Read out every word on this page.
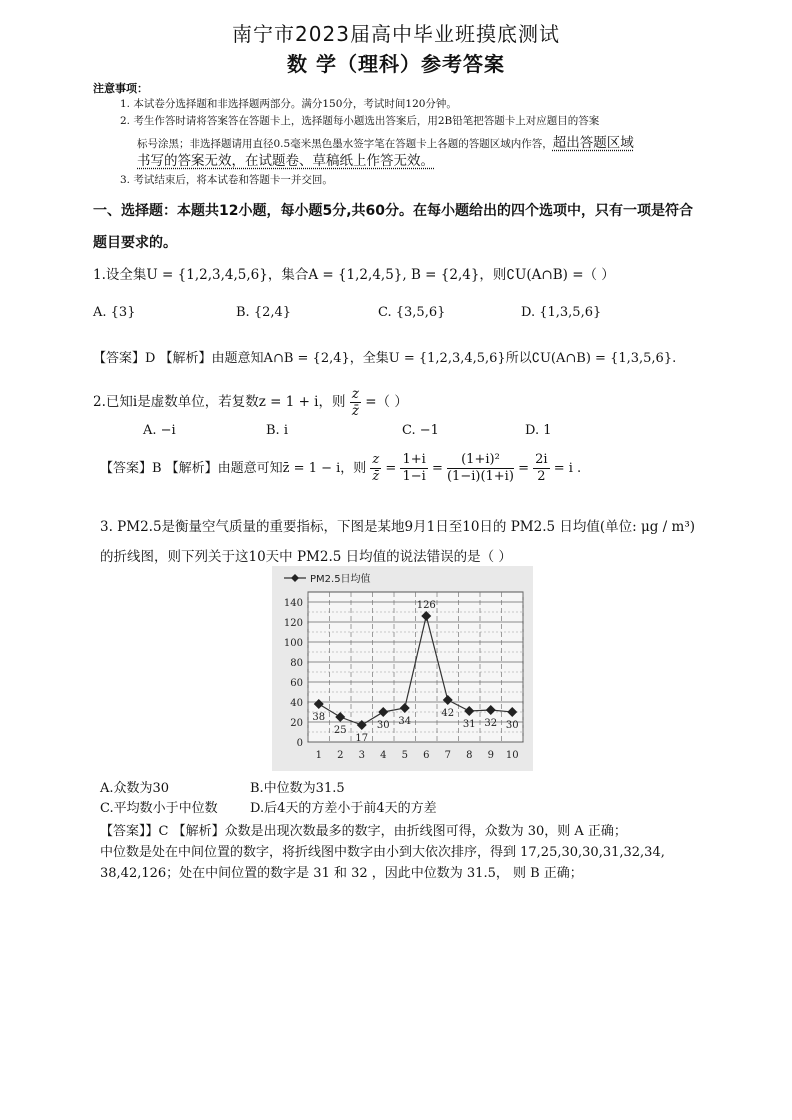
南宁市2023届高中毕业班摸底测试
数 学（理科）参考答案
注意事项：
1. 本试卷分选择题和非选择题两部分。满分150分，考试时间120分钟。
2. 考生作答时请将答案答在答题卡上，选择题每小题选出答案后，用2B铅笔把答题卡上对应题目的答案
标号涂黑；非选择题请用直径0.5毫米黑色墨水签字笔在答题卡上各题的答题区域内作答，超出答题区域
书写的答案无效，在试题卷、草稿纸上作答无效。
3. 考试结束后，将本试卷和答题卡一并交回。
一、选择题：本题共12小题，每小题5分,共60分。在每小题给出的四个选项中，只有一项是符合
题目要求的。
1.设全集U = {1,2,3,4,5,6}，集合A = {1,2,4,5}, B = {2,4}，则∁U(A∩B) =（ ）
A. {3}	B. {2,4}	C. {3,5,6}	D. {1,3,5,6}
【答案】D 【解析】由题意知A∩B = {2,4}，全集U = {1,2,3,4,5,6}所以∁U(A∩B) = {1,3,5,6}.
2.已知i是虚数单位，若复数z = 1 + i，则 $\frac{z}{z̄}$ =（ ）
A. −i	B. i	C. −1	D. 1
【答案】B 【解析】由题意可知z̄ = 1 − i，则 $\frac{z}{z̄} = \frac{1+i}{1-i} = \frac{\text{(1+i)²}}{(1-i)(1+i)} = \frac{2i}{2} = i$ .
3. PM2.5是衡量空气质量的重要指标，下图是某地9月1日至10日的 PM2.5 日均值(单位: μg / m³)
的折线图，则下列关于这10天中 PM2.5 日均值的说法错误的是（ ）
0
20
40
60
80
100
120
140
1 2 3 4 5 6 7 8 9 10
38
25
17
30 34
126
42
31 32 30
PM2.5日均值
A.众数为30	B.中位数为31.5
C.平均数小于中位数 D.后4天的方差小于前4天的方差
【答案】】C 【解析】众数是出现次数最多的数字，由折线图可得，众数为 30，则 A 正确；
中位数是处在中间位置的数字，将折线图中数字由小到大依次排序，得到 17,25,30,30,31,32,34,
38,42,126；处在中间位置的数字是 31 和 32 ，因此中位数为 31.5， 则 B 正确；
